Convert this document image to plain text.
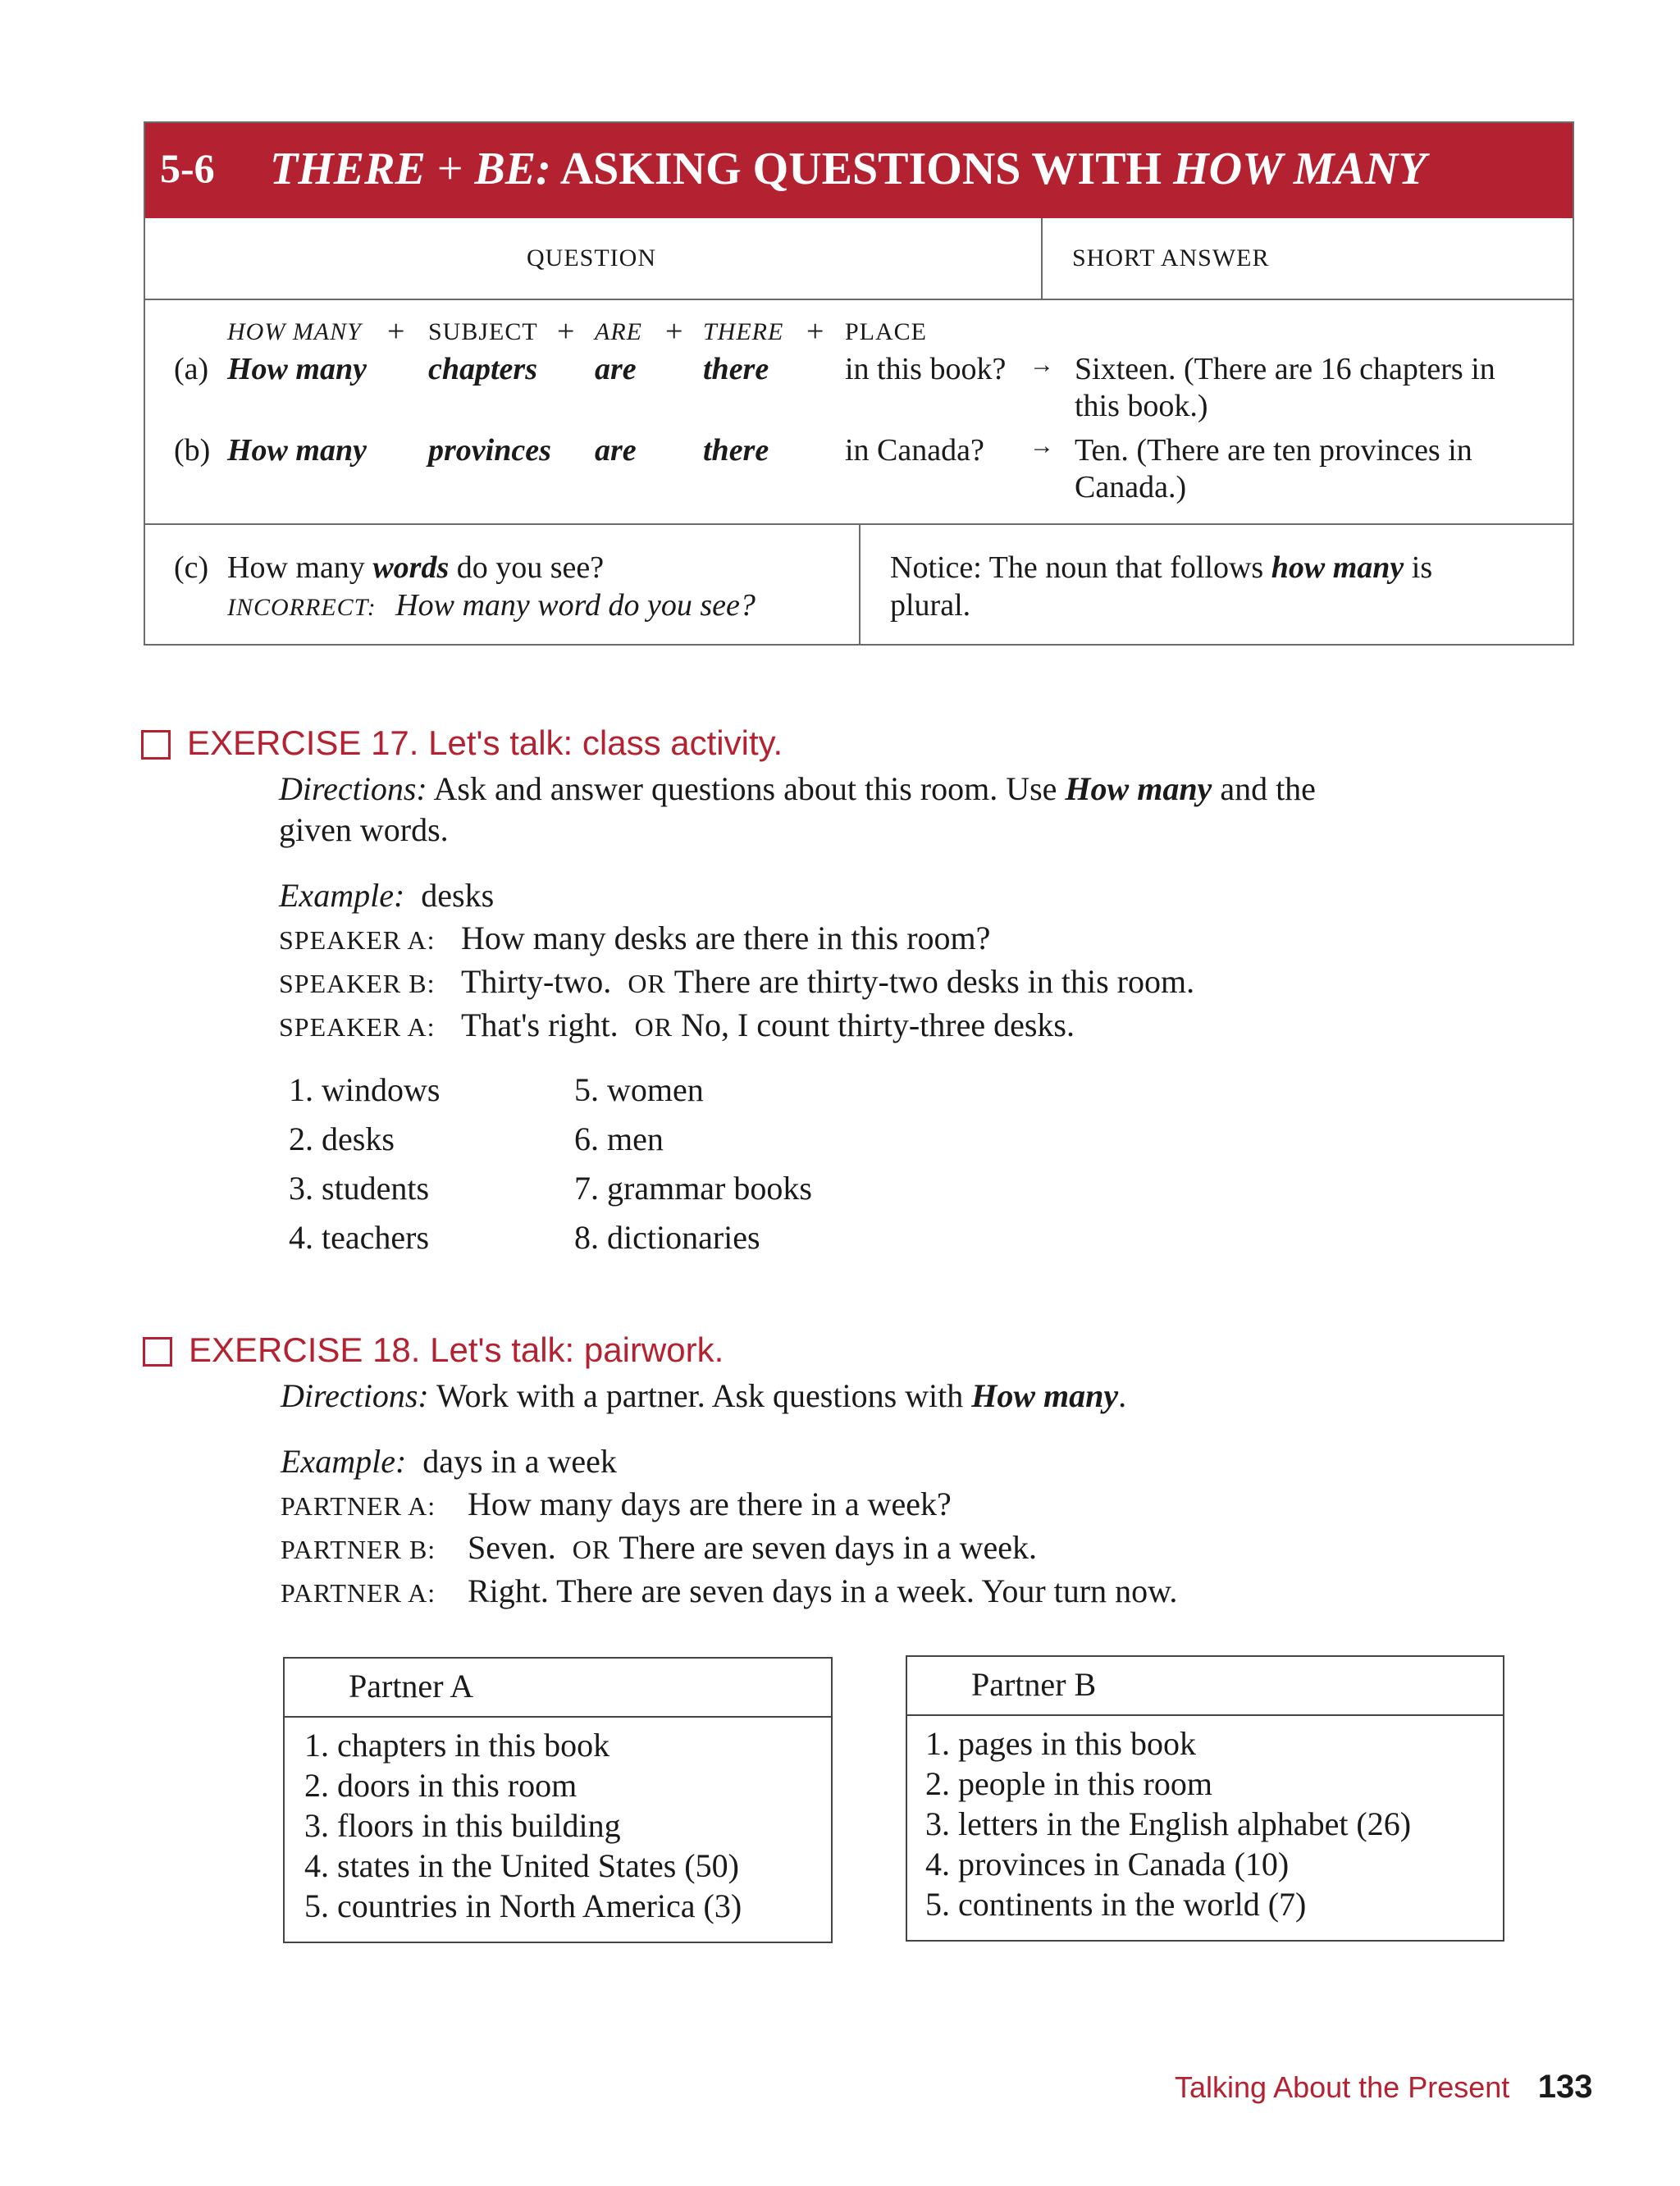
5-6 THERE + BE: ASKING QUESTIONS WITH HOW MANY
QUESTION	SHORT ANSWER
HOW MANY + SUBJECT + ARE + THERE + PLACE
(a) How many chapters are there in this book? → Sixteen. (There are 16 chapters in
this book.)
(b) How many provinces are there in Canada? → Ten. (There are ten provinces in
Canada.)
(c) How many words do you see?
INCORRECT: How many word do you see?
Notice: The noun that follows how many is
plural.
EXERCISE 17. Let's talk: class activity.
Directions: Ask and answer questions about this room. Use How many and the
given words.
Example: desks
SPEAKER A: How many desks are there in this room?
SPEAKER B: Thirty-two. OR There are thirty-two desks in this room.
SPEAKER A: That's right. OR No, I count thirty-three desks.
1. windows
2. desks
3. students
4. teachers
5. women
6. men
7. grammar books
8. dictionaries
EXERCISE 18. Let's talk: pairwork.
Directions: Work with a partner. Ask questions with How many.
Example: days in a week
PARTNER A: How many days are there in a week?
PARTNER B: Seven. OR There are seven days in a week.
PARTNER A: Right. There are seven days in a week. Your turn now.
Partner A
1. chapters in this book
2. doors in this room
3. floors in this building
4. states in the United States (50)
5. countries in North America (3)
Partner B
1. pages in this book
2. people in this room
3. letters in the English alphabet (26)
4. provinces in Canada (10)
5. continents in the world (7)
Talking About the Present 133
